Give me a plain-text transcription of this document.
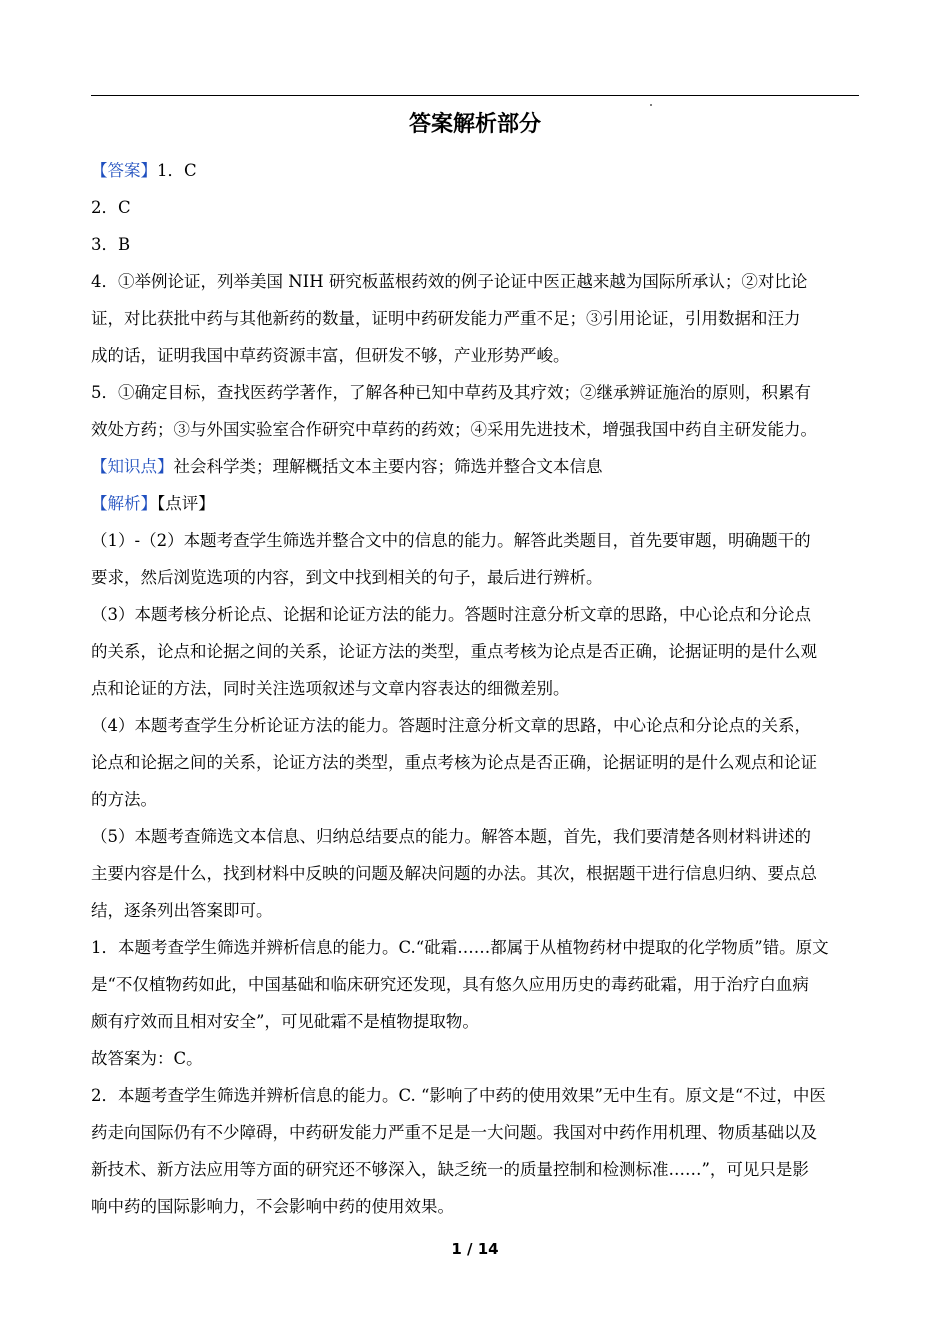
答案解析部分
【答案】1．C
2．C
3．B
4．①举例论证，列举美国 NIH 研究板蓝根药效的例子论证中医正越来越为国际所承认；②对比论
证，对比获批中药与其他新药的数量，证明中药研发能力严重不足；③引用论证，引用数据和汪力
成的话，证明我国中草药资源丰富，但研发不够，产业形势严峻。
5．①确定目标，查找医药学著作，了解各种已知中草药及其疗效；②继承辨证施治的原则，积累有
效处方药；③与外国实验室合作研究中草药的药效；④采用先进技术，增强我国中药自主研发能力。
【知识点】社会科学类；理解概括文本主要内容；筛选并整合文本信息
【解析】【点评】
（1）-（2）本题考查学生筛选并整合文中的信息的能力。解答此类题目，首先要审题，明确题干的
要求，然后浏览选项的内容，到文中找到相关的句子，最后进行辨析。
（3）本题考核分析论点、论据和论证方法的能力。答题时注意分析文章的思路，中心论点和分论点
的关系，论点和论据之间的关系，论证方法的类型，重点考核为论点是否正确，论据证明的是什么观
点和论证的方法，同时关注选项叙述与文章内容表达的细微差别。
（4）本题考查学生分析论证方法的能力。答题时注意分析文章的思路，中心论点和分论点的关系，
论点和论据之间的关系，论证方法的类型，重点考核为论点是否正确，论据证明的是什么观点和论证
的方法。
（5）本题考查筛选文本信息、归纳总结要点的能力。解答本题，首先，我们要清楚各则材料讲述的
主要内容是什么，找到材料中反映的问题及解决问题的办法。其次，根据题干进行信息归纳、要点总
结，逐条列出答案即可。
1．本题考查学生筛选并辨析信息的能力。C.“砒霜……都属于从植物药材中提取的化学物质”错。原文
是“不仅植物药如此，中国基础和临床研究还发现，具有悠久应用历史的毒药砒霜，用于治疗白血病
颇有疗效而且相对安全”，可见砒霜不是植物提取物。
故答案为：C。
2．本题考查学生筛选并辨析信息的能力。C. “影响了中药的使用效果”无中生有。原文是“不过，中医
药走向国际仍有不少障碍，中药研发能力严重不足是一大问题。我国对中药作用机理、物质基础以及
新技术、新方法应用等方面的研究还不够深入，缺乏统一的质量控制和检测标准……”，可见只是影
响中药的国际影响力，不会影响中药的使用效果。
1 / 14
